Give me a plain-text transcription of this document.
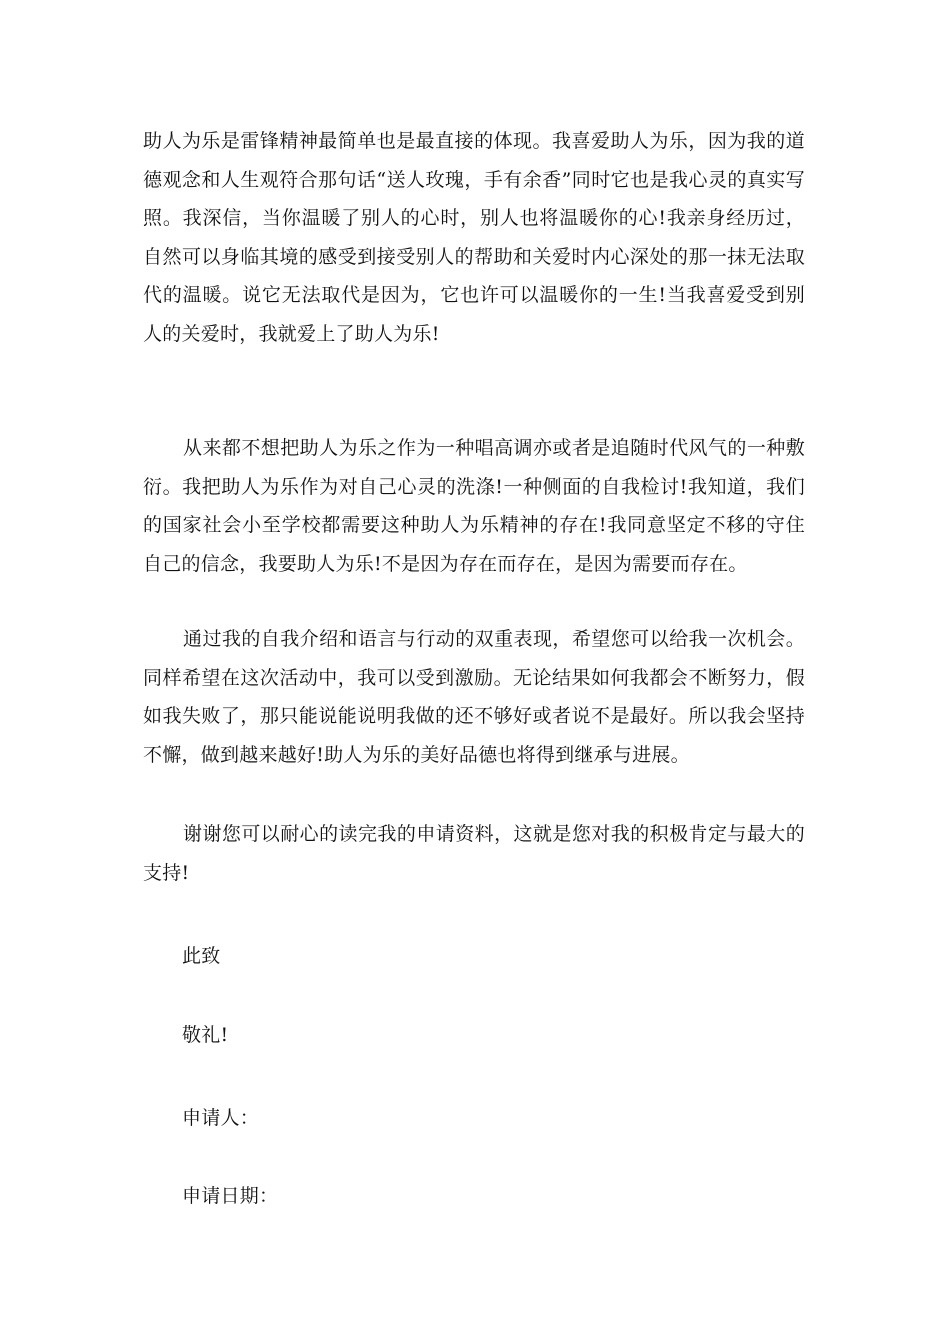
助人为乐是雷锋精神最简单也是最直接的体现。我喜爱助人为乐，因为我的道德观念和人生观符合那句话“送人玫瑰，手有余香”同时它也是我心灵的真实写照。我深信，当你温暖了别人的心时，别人也将温暖你的心!我亲身经历过，自然可以身临其境的感受到接受别人的帮助和关爱时内心深处的那一抹无法取代的温暖。说它无法取代是因为，它也许可以温暖你的一生!当我喜爱受到别人的关爱时，我就爱上了助人为乐!

从来都不想把助人为乐之作为一种唱高调亦或者是追随时代风气的一种敷衍。我把助人为乐作为对自己心灵的洗涤!一种侧面的自我检讨!我知道，我们的国家社会小至学校都需要这种助人为乐精神的存在!我同意坚定不移的守住自己的信念，我要助人为乐!不是因为存在而存在，是因为需要而存在。

通过我的自我介绍和语言与行动的双重表现，希望您可以给我一次机会。同样希望在这次活动中，我可以受到激励。无论结果如何我都会不断努力，假如我失败了，那只能说能说明我做的还不够好或者说不是最好。所以我会坚持不懈，做到越来越好!助人为乐的美好品德也将得到继承与进展。

谢谢您可以耐心的读完我的申请资料，这就是您对我的积极肯定与最大的支持!

此致

敬礼!

申请人：

申请日期：
